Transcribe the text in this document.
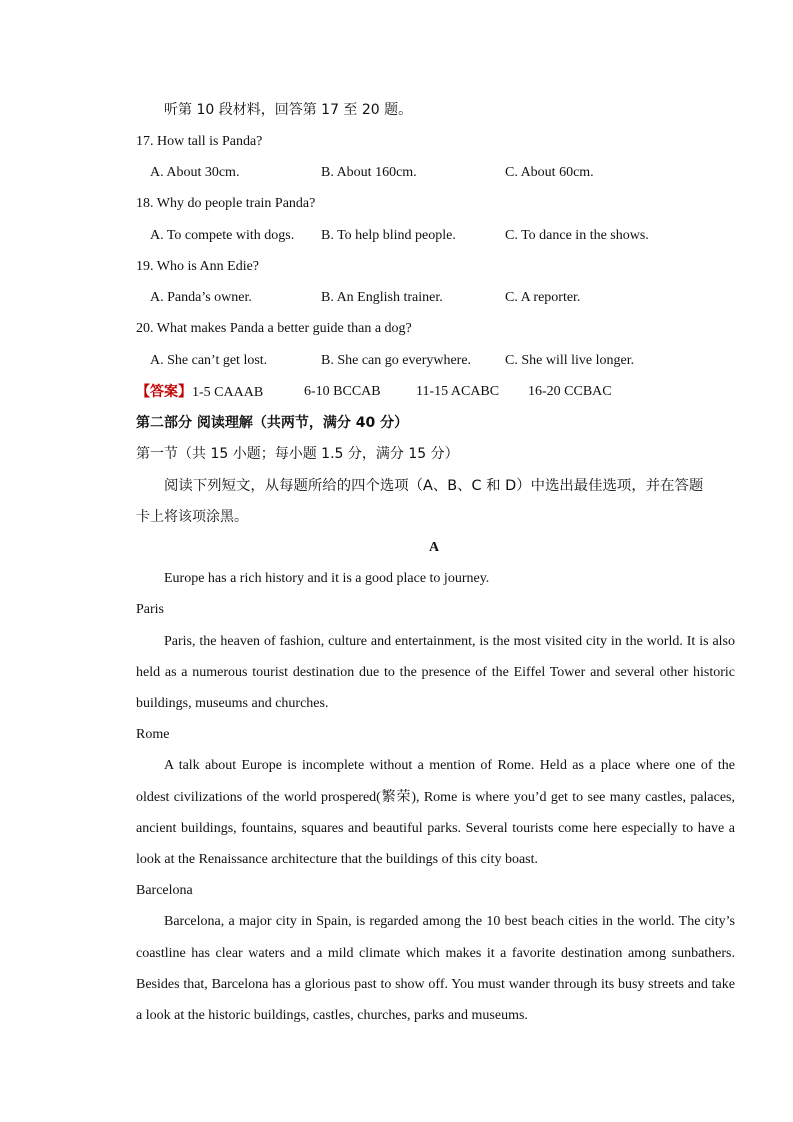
听第 10 段材料，回答第 17 至 20 题。
17. How tall is Panda?
A. About 30cm.	B. About 160cm.	C. About 60cm.
18. Why do people train Panda?
A. To compete with dogs. B. To help blind people.	C. To dance in the shows.
19. Who is Ann Edie?
A. Panda’s owner.	B. An English trainer.	C. A reporter.
20. What makes Panda a better guide than a dog?
A. She can’t get lost.	B. She can go everywhere. C. She will live longer.
【答案】1-5 CAAAB	6-10 BCCAB	11-15 ACABC 16-20 CCBAC
第二部分 阅读理解（共两节，满分 40 分）
第一节（共 15 小题；每小题 1.5 分，满分 15 分）
阅读下列短文，从每题所给的四个选项（A、B、C 和 D）中选出最佳选项，并在答题
卡上将该项涂黑。
A
Europe has a rich history and it is a good place to journey.
Paris
Paris, the heaven of fashion, culture and entertainment, is the most visited city in the world. It is also
held as a numerous tourist destination due to the presence of the Eiffel Tower and several other historic
buildings, museums and churches.
Rome
A talk about Europe is incomplete without a mention of Rome. Held as a place where one of the
oldest civilizations of the world prospered(繁荣), Rome is where you’d get to see many castles, palaces,
ancient buildings, fountains, squares and beautiful parks. Several tourists come here especially to have a
look at the Renaissance architecture that the buildings of this city boast.
Barcelona
Barcelona, a major city in Spain, is regarded among the 10 best beach cities in the world. The city’s
coastline has clear waters and a mild climate which makes it a favorite destination among sunbathers.
Besides that, Barcelona has a glorious past to show off. You must wander through its busy streets and take
a look at the historic buildings, castles, churches, parks and museums.
